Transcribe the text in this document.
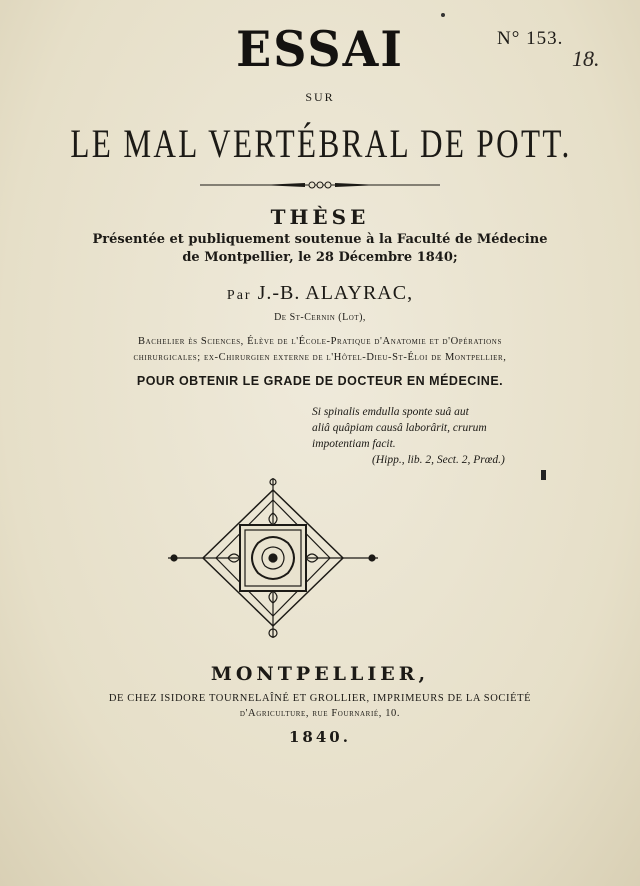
N° 153.
18.
ESSAI
SUR
LE MAL VERTÉBRAL DE POTT.
THÈSE
Présentée et publiquement soutenue à la Faculté de Médecine
de Montpellier, le 28 Décembre 1840;
Par J.-B. ALAYRAC,
De St-Cernin (Lot),
Bachelier ès Sciences, Élève de l'École-Pratique d'Anatomie et d'Opérations
chirurgicales; ex-Chirurgien externe de l'Hôtel-Dieu-St-Éloi de Montpellier,
POUR OBTENIR LE GRADE DE DOCTEUR EN MÉDECINE.
Si spinalis emdulla sponte suâ aut
aliâ quâpiam causâ laborârit, crurum
impotentiam facit.
(Hipp., lib. 2, Sect. 2, Prœd.)
MONTPELLIER,
DE CHEZ ISIDORE TOURNELAÎNÉ ET GROLLIER, IMPRIMEURS DE LA SOCIÉTÉ
d'Agriculture, rue Fournarié, 10.
1840.
